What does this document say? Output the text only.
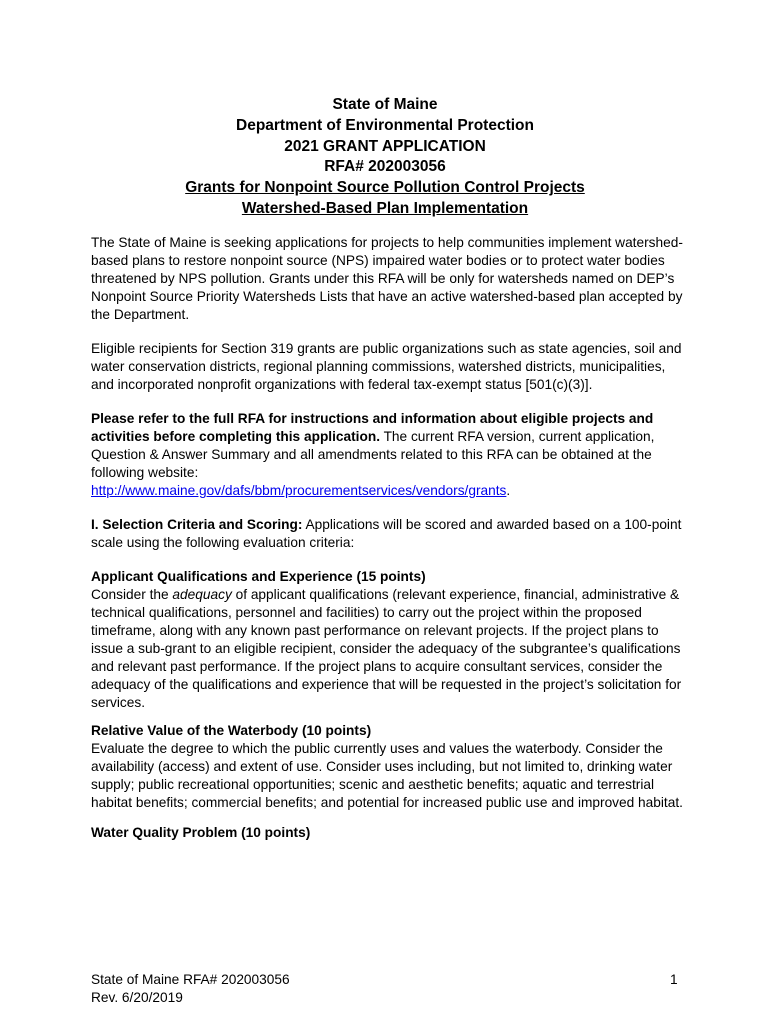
State of Maine
Department of Environmental Protection
2021 GRANT APPLICATION
RFA# 202003056
Grants for Nonpoint Source Pollution Control Projects
Watershed-Based Plan Implementation

The State of Maine is seeking applications for projects to help communities implement watershed-based plans to restore nonpoint source (NPS) impaired water bodies or to protect water bodies threatened by NPS pollution. Grants under this RFA will be only for watersheds named on DEP’s Nonpoint Source Priority Watersheds Lists that have an active watershed-based plan accepted by the Department.

Eligible recipients for Section 319 grants are public organizations such as state agencies, soil and water conservation districts, regional planning commissions, watershed districts, municipalities, and incorporated nonprofit organizations with federal tax-exempt status [501(c)(3)].

Please refer to the full RFA for instructions and information about eligible projects and activities before completing this application. The current RFA version, current application, Question & Answer Summary and all amendments related to this RFA can be obtained at the following website:
http://www.maine.gov/dafs/bbm/procurementservices/vendors/grants.

I. Selection Criteria and Scoring: Applications will be scored and awarded based on a 100-point scale using the following evaluation criteria:

Applicant Qualifications and Experience (15 points)
Consider the adequacy of applicant qualifications (relevant experience, financial, administrative & technical qualifications, personnel and facilities) to carry out the project within the proposed timeframe, along with any known past performance on relevant projects. If the project plans to issue a sub-grant to an eligible recipient, consider the adequacy of the subgrantee’s qualifications and relevant past performance. If the project plans to acquire consultant services, consider the adequacy of the qualifications and experience that will be requested in the project’s solicitation for services.

Relative Value of the Waterbody (10 points)
Evaluate the degree to which the public currently uses and values the waterbody. Consider the availability (access) and extent of use. Consider uses including, but not limited to, drinking water supply; public recreational opportunities; scenic and aesthetic benefits; aquatic and terrestrial habitat benefits; commercial benefits; and potential for increased public use and improved habitat.

Water Quality Problem (10 points)

State of Maine RFA# 202003056
Rev. 6/20/2019
1
